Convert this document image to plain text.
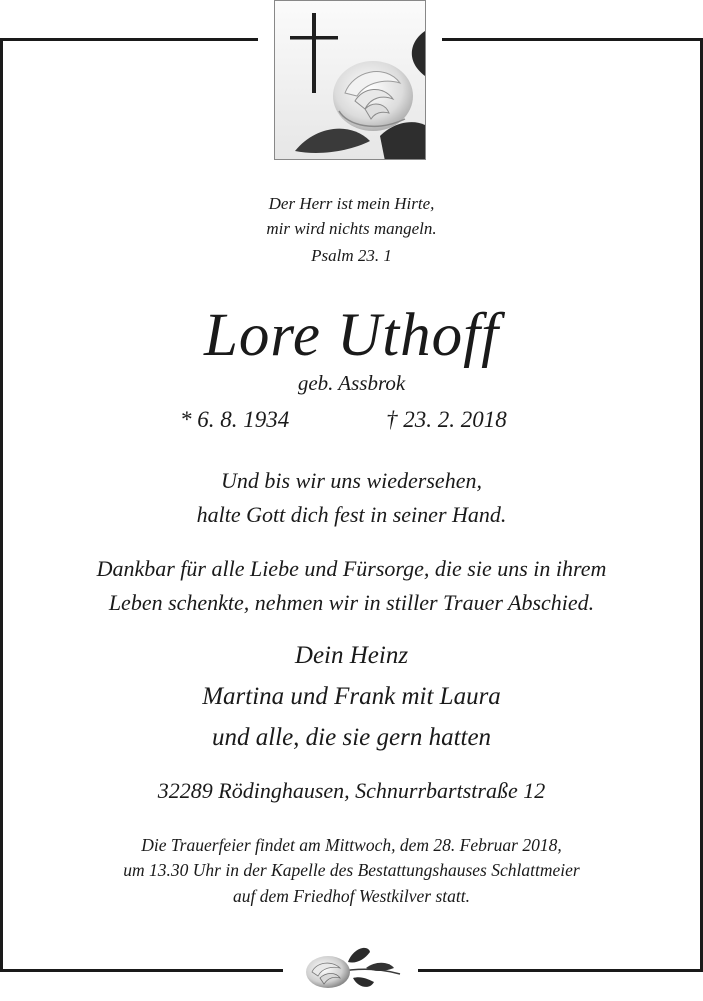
Der Herr ist mein Hirte,
mir wird nichts mangeln.
Psalm 23. 1
Lore Uthoff
geb. Assbrok
* 6. 8. 1934	† 23. 2. 2018
Und bis wir uns wiedersehen,
halte Gott dich fest in seiner Hand.
Dankbar für alle Liebe und Fürsorge, die sie uns in ihrem
Leben schenkte, nehmen wir in stiller Trauer Abschied.
Dein Heinz
Martina und Frank mit Laura
und alle, die sie gern hatten
32289 Rödinghausen, Schnurrbartstraße 12
Die Trauerfeier findet am Mittwoch, dem 28. Februar 2018,
um 13.30 Uhr in der Kapelle des Bestattungshauses Schlattmeier
auf dem Friedhof Westkilver statt.
